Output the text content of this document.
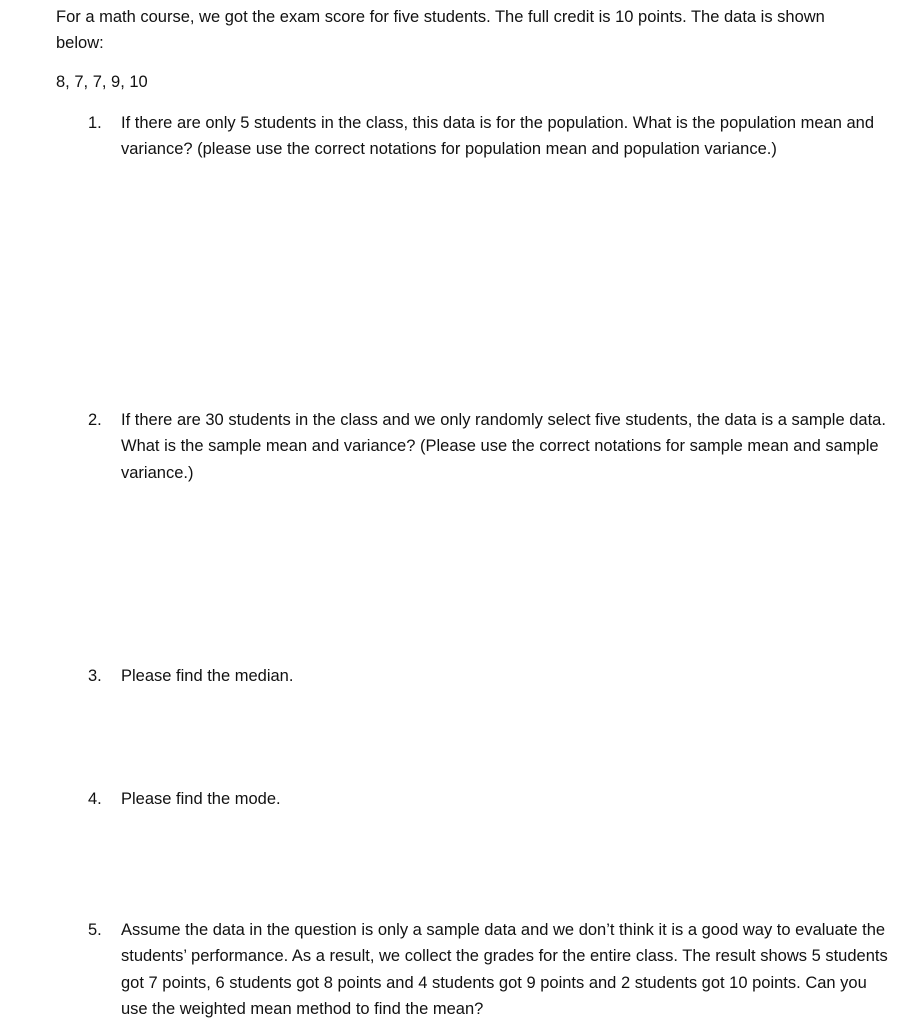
For a math course, we got the exam score for five students. The full credit is 10 points. The data is shown below:
8, 7, 7, 9, 10
1. If there are only 5 students in the class, this data is for the population. What is the population mean and variance? (please use the correct notations for population mean and population variance.)
2. If there are 30 students in the class and we only randomly select five students, the data is a sample data. What is the sample mean and variance? (Please use the correct notations for sample mean and sample variance.)
3. Please find the median.
4. Please find the mode.
5. Assume the data in the question is only a sample data and we don’t think it is a good way to evaluate the students’ performance. As a result, we collect the grades for the entire class. The result shows 5 students got 7 points, 6 students got 8 points and 4 students got 9 points and 2 students got 10 points. Can you use the weighted mean method to find the mean?
